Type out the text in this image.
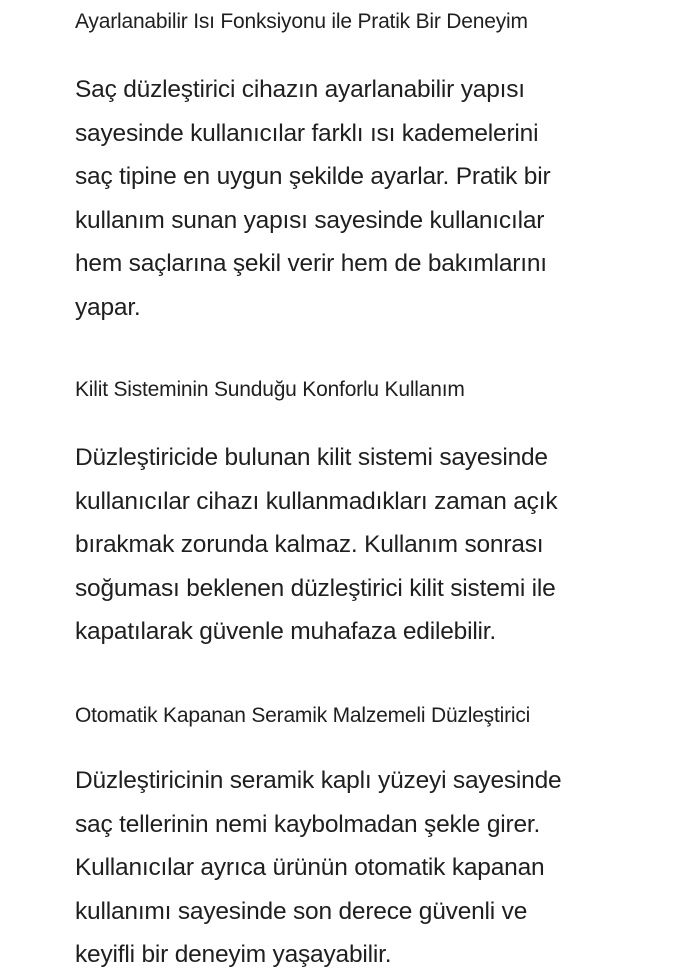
Ayarlanabilir Isı Fonksiyonu ile Pratik Bir Deneyim

Saç düzleştirici cihazın ayarlanabilir yapısı
sayesinde kullanıcılar farklı ısı kademelerini
saç tipine en uygun şekilde ayarlar. Pratik bir
kullanım sunan yapısı sayesinde kullanıcılar
hem saçlarına şekil verir hem de bakımlarını
yapar.

Kilit Sisteminin Sunduğu Konforlu Kullanım

Düzleştiricide bulunan kilit sistemi sayesinde
kullanıcılar cihazı kullanmadıkları zaman açık
bırakmak zorunda kalmaz. Kullanım sonrası
soğuması beklenen düzleştirici kilit sistemi ile
kapatılarak güvenle muhafaza edilebilir.

Otomatik Kapanan Seramik Malzemeli Düzleştirici

Düzleştiricinin seramik kaplı yüzeyi sayesinde
saç tellerinin nemi kaybolmadan şekle girer.
Kullanıcılar ayrıca ürünün otomatik kapanan
kullanımı sayesinde son derece güvenli ve
keyifli bir deneyim yaşayabilir.
